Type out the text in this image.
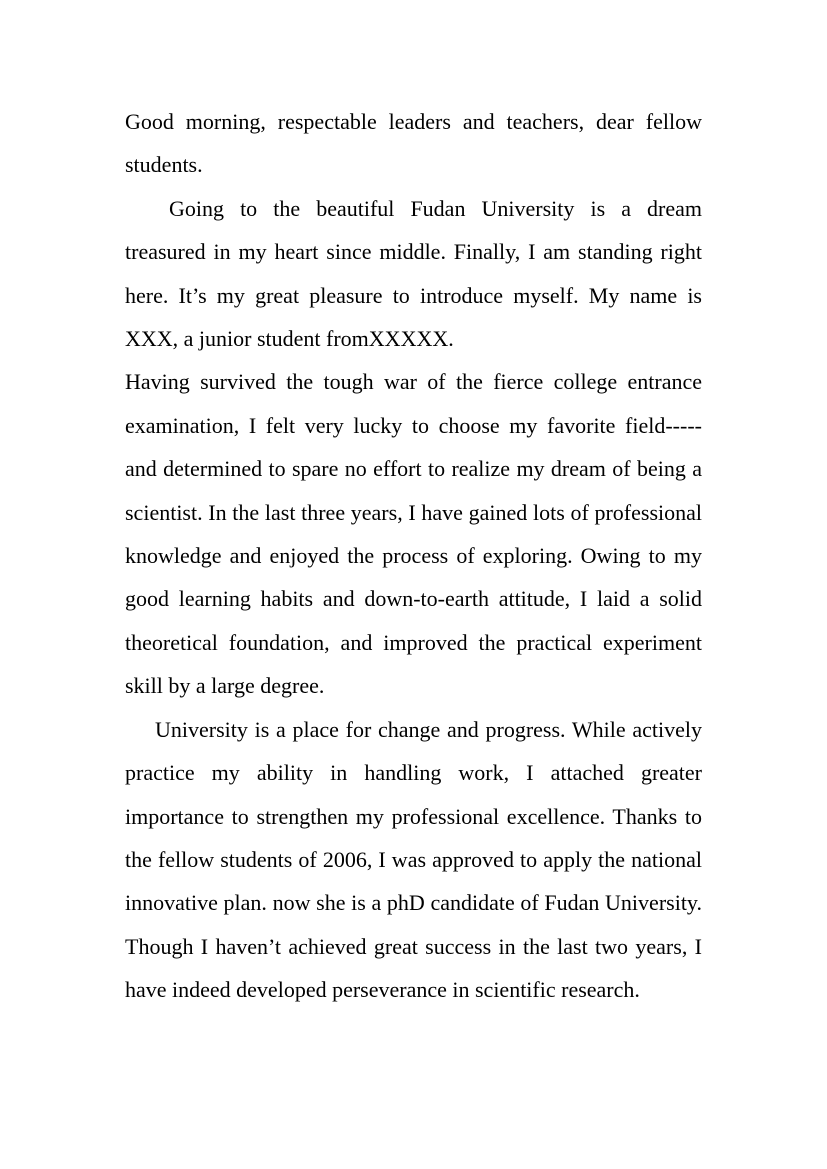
Good morning, respectable leaders and teachers, dear fellow students.

Going to the beautiful Fudan University is a dream treasured in my heart since middle. Finally, I am standing right here. It’s my great pleasure to introduce myself. My name is XXX, a junior student fromXXXXX.

Having survived the tough war of the fierce college entrance examination, I felt very lucky to choose my favorite field----- and determined to spare no effort to realize my dream of being a scientist. In the last three years, I have gained lots of professional knowledge and enjoyed the process of exploring. Owing to my good learning habits and down-to-earth attitude, I laid a solid theoretical foundation, and improved the practical experiment skill by a large degree.

University is a place for change and progress. While actively practice my ability in handling work, I attached greater importance to strengthen my professional excellence. Thanks to the fellow students of 2006, I was approved to apply the national innovative plan. now she is a phD candidate of Fudan University. Though I haven’t achieved great success in the last two years, I have indeed developed perseverance in scientific research.
